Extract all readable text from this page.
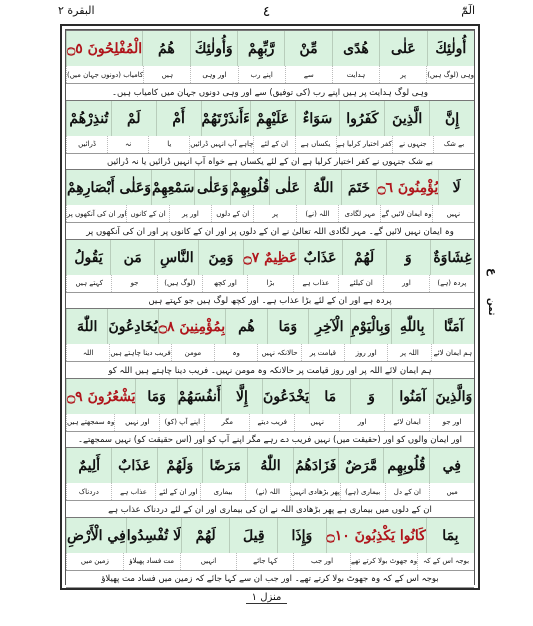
البقرة ٢	٤	الٓمّٓ
أُولٰئِكَ
عَلٰى
هُدًى
مِّنْ
رَّبِّهِمْ
وَأُولٰئِكَ
هُمُ
الْمُفْلِحُونَ ۝٥
وہی (لوگ ہیں)
پر
ہدایت
سے
اپنے رب
اور وہی
ہیں
کامیاب (دونوں جہان میں)
وہی لوگ ہدایت پر ہیں اپنے رب (کی توفیق) سے اور وہی دونوں جہان میں کامیاب ہیں۔
إِنَّ
الَّذِينَ
كَفَرُوا
سَوَاءٌ
عَلَيْهِمْ
ءَأَنذَرْتَهُمْ
أَمْ
لَمْ
تُنذِرْهُمْ
بے شک
جنہوں نے
کفر اختیار کرلیا ہے
یکساں ہے
ان کے لئے
چاہے آپ انہیں ڈرائیں
یا
نہ
ڈرائیں
بے شک جنہوں نے کفر اختیار کرلیا ہے ان کے لئے یکساں ہے خواہ آپ انہیں ڈرائیں یا نہ ڈرائیں
لَا
يُؤْمِنُونَ ۝٦
خَتَمَ
اللّٰهُ
عَلٰى
قُلُوبِهِمْ
وَعَلٰى
سَمْعِهِمْ
وَعَلٰى أَبْصَارِهِمْ
نہیں
وہ ایمان لائیں گے
مہر لگادی
(نے) اللہ
پر
ان کے دلوں
اور پر
ان کے کانوں
اور ان کی آنکھوں پر
وہ ایمان نہیں لائیں گے۔ مہر لگادی اللہ تعالیٰ نے ان کے دلوں پر اور ان کے کانوں پر اور ان کی آنکھوں پر
غِشَاوَةٌ
وَ
لَهُمْ
عَذَابٌ
عَظِيمٌ ۝٧
وَمِنَ
النَّاسِ
مَن
يَقُولُ
پردہ (ہے)
اور
ان کیلئے
عذاب ہے
بڑا
اور کچھ
(لوگ ہیں)
جو
کہتے ہیں
پردہ ہے اور ان کے لئے بڑا عذاب ہے۔ اور کچھ لوگ ہیں جو کہتے ہیں
آمَنَّا
بِاللّٰهِ
وَبِالْيَوْمِ
الْآخِرِ
وَمَا
هُم
بِمُؤْمِنِينَ ۝٨
يُخَادِعُونَ
اللّٰهَ
ہم ایمان لائے
اللہ پر
اور روز
قیامت پر
حالانکہ نہیں
وہ
مومن
فریب دینا چاہتے ہیں
اللہ
ہم ایمان لائے اللہ پر اور روز قیامت پر حالانکہ وہ مومن نہیں۔ فریب دینا چاہتے ہیں اللہ کو
وَالَّذِينَ
آمَنُوا
وَ
مَا
يَخْدَعُونَ
إِلَّا
أَنفُسَهُمْ
وَمَا
يَشْعُرُونَ ۝٩
اور جو
ایمان لائے
اور
نہیں
فریب دیتے
مگر
اپنے آپ (کو)
اور نہیں
وہ سمجھتے ہیں
اور ایمان والوں کو اور (حقیقت میں) نہیں فریب دے رہے مگر اپنے آپ کو اور (اس حقیقت کو) نہیں سمجھتے۔
فِي
قُلُوبِهِم
مَّرَضٌ
فَزَادَهُمُ
اللّٰهُ
مَرَضًا
وَلَهُمْ
عَذَابٌ
أَلِيمٌ
میں
ان کے دل
بیماری (ہے)
پھر بڑھادی انہیں
اللہ (نے)
بیماری
اور ان کے لئے
عذاب ہے
دردناک
ان کے دلوں میں بیماری ہے پھر بڑھادی اللہ نے ان کی بیماری اور ان کے لئے دردناک عذاب ہے
بِمَا
كَانُوا يَكْذِبُونَ ۝١٠
وَإِذَا
قِيلَ
لَهُمْ
لَا تُفْسِدُوا
فِي الْأَرْضِ
بوجہ اس کے کہ
وہ جھوٹ بولا کرتے تھے
اور جب
کہا جائے
انہیں
مت فساد پھیلاؤ
زمین میں
بوجہ اس کے کہ وہ جھوٹ بولا کرتے تھے۔ اور جب ان سے کہا جائے کہ زمین میں فساد مت پھیلاؤ
ع
ثمن
منزل ١
